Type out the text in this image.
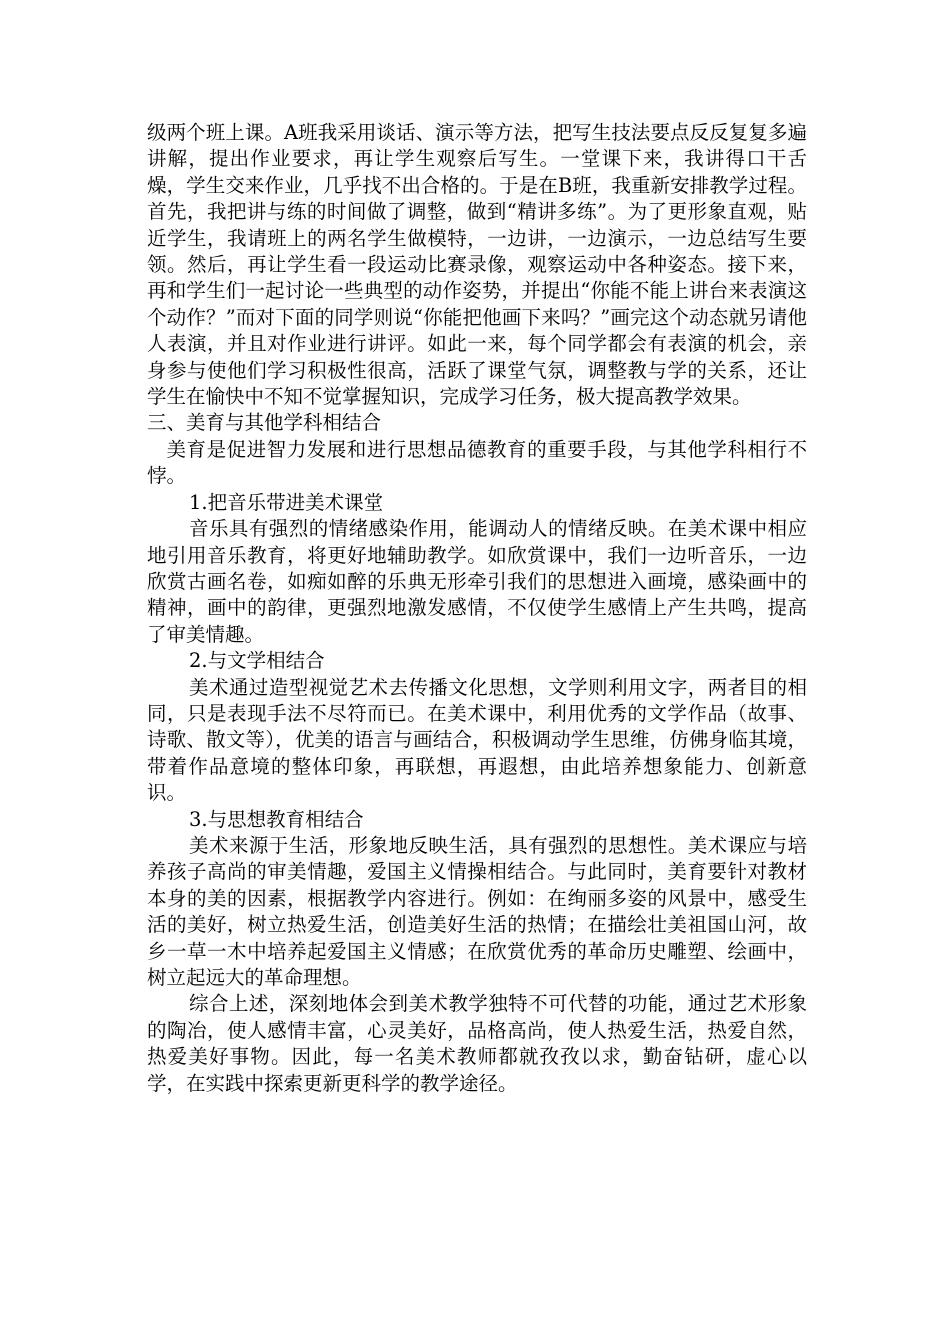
级两个班上课。A班我采用谈话、演示等方法，把写生技法要点反反复复多遍讲解，提出作业要求，再让学生观察后写生。一堂课下来，我讲得口干舌燥，学生交来作业，几乎找不出合格的。于是在B班，我重新安排教学过程。首先，我把讲与练的时间做了调整，做到“精讲多练”。为了更形象直观，贴近学生，我请班上的两名学生做模特，一边讲，一边演示，一边总结写生要领。然后，再让学生看一段运动比赛录像，观察运动中各种姿态。接下来，再和学生们一起讨论一些典型的动作姿势，并提出“你能不能上讲台来表演这个动作？”而对下面的同学则说“你能把他画下来吗？”画完这个动态就另请他人表演，并且对作业进行讲评。如此一来，每个同学都会有表演的机会，亲身参与使他们学习积极性很高，活跃了课堂气氛，调整教与学的关系，还让学生在愉快中不知不觉掌握知识，完成学习任务，极大提高教学效果。

三、美育与其他学科相结合

美育是促进智力发展和进行思想品德教育的重要手段，与其他学科相行不悖。

1.把音乐带进美术课堂

音乐具有强烈的情绪感染作用，能调动人的情绪反映。在美术课中相应地引用音乐教育，将更好地辅助教学。如欣赏课中，我们一边听音乐，一边欣赏古画名卷，如痴如醉的乐典无形牵引我们的思想进入画境，感染画中的精神，画中的韵律，更强烈地激发感情，不仅使学生感情上产生共鸣，提高了审美情趣。

2.与文学相结合

美术通过造型视觉艺术去传播文化思想，文学则利用文字，两者目的相同，只是表现手法不尽符而已。在美术课中，利用优秀的文学作品（故事、诗歌、散文等），优美的语言与画结合，积极调动学生思维，仿佛身临其境，带着作品意境的整体印象，再联想，再遐想，由此培养想象能力、创新意识。

3.与思想教育相结合

美术来源于生活，形象地反映生活，具有强烈的思想性。美术课应与培养孩子高尚的审美情趣，爱国主义情操相结合。与此同时，美育要针对教材本身的美的因素，根据教学内容进行。例如：在绚丽多姿的风景中，感受生活的美好，树立热爱生活，创造美好生活的热情；在描绘壮美祖国山河，故乡一草一木中培养起爱国主义情感；在欣赏优秀的革命历史雕塑、绘画中，树立起远大的革命理想。

综合上述，深刻地体会到美术教学独特不可代替的功能，通过艺术形象的陶冶，使人感情丰富，心灵美好，品格高尚，使人热爱生活，热爱自然，热爱美好事物。因此，每一名美术教师都就孜孜以求，勤奋钻研，虚心以学，在实践中探索更新更科学的教学途径。
